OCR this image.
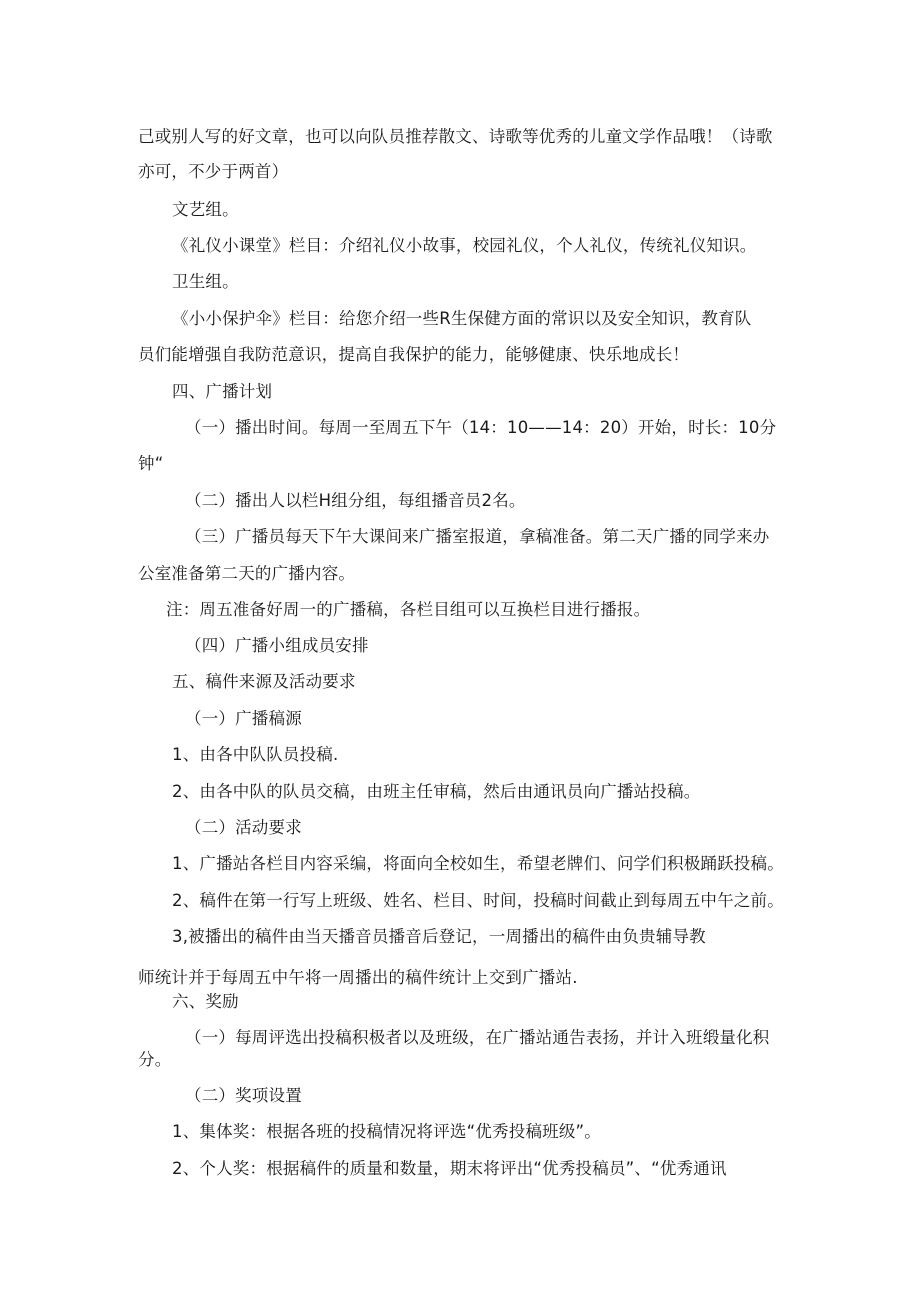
己或别人写的好文章，也可以向队员推荐散文、诗歌等优秀的儿童文学作品哦！（诗歌
亦可，不少于两首）
文艺组。
《礼仪小课堂》栏目：介绍礼仪小故事，校园礼仪，个人礼仪，传统礼仪知识。
卫生组。
《小小保护伞》栏目：给您介绍一些R生保健方面的常识以及安全知识，教育队
员们能增强自我防范意识，提高自我保护的能力，能够健康、快乐地成长！
四、广播计划
（一）播出时间。每周一至周五下午（14：10——14：20）开始，时长：10分
钟“
（二）播出人以栏H组分组，每组播音员2名。
（三）广播员每天下午大课间来广播室报道，拿稿准备。第二天广播的同学来办
公室准备第二天的广播内容。
注：周五准备好周一的广播稿，各栏目组可以互换栏目进行播报。
（四）广播小组成员安排
五、稿件来源及活动要求
（一）广播稿源
1、由各中队队员投稿.
2、由各中队的队员交稿，由班主任审稿，然后由通讯员向广播站投稿。
（二）活动要求
1、广播站各栏目内容采编，将面向全校如生，希望老牌们、问学们积极踊跃投稿。
2、稿件在第一行写上班级、姓名、栏目、时间，投稿时间截止到每周五中午之前。
3,被播出的稿件由当天播音员播音后登记，一周播出的稿件由负贵辅导教
师统计并于每周五中午将一周播出的稿件统计上交到广播站.
六、奖励
（一）每周评选出投稿积极者以及班级，在广播站通告表扬，并计入班缎量化积
分。
（二）奖项设置
1、集体奖：根据各班的投稿情况将评选“优秀投稿班级”。
2、个人奖：根据稿件的质量和数量，期末将评出“优秀投稿员”、“优秀通讯
